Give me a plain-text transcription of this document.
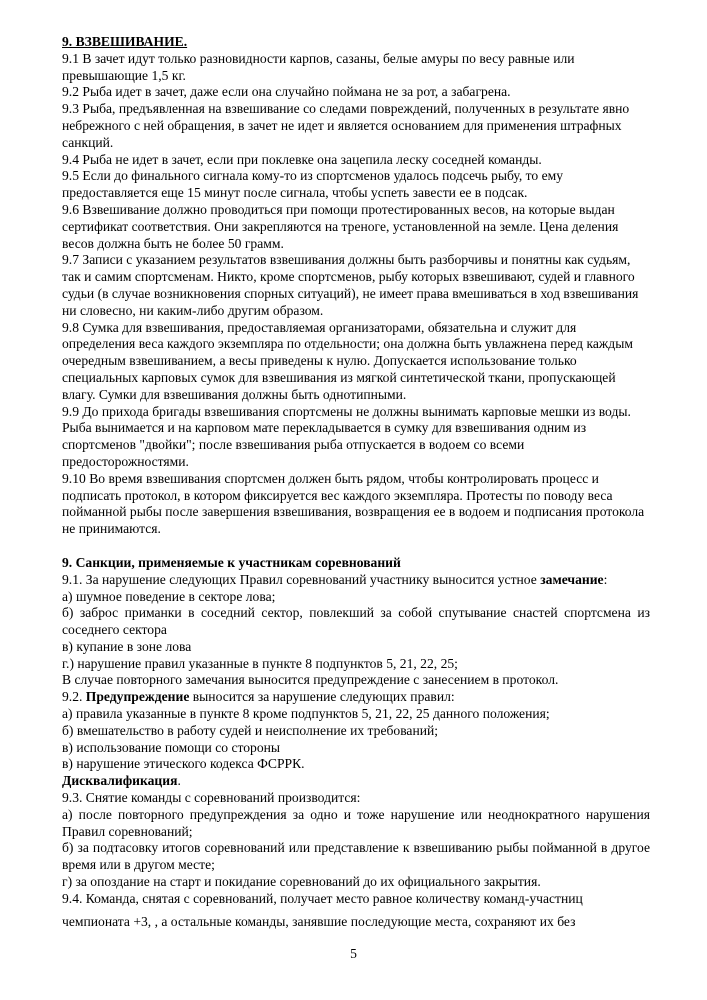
9. ВЗВЕШИВАНИЕ.

9.1 В зачет идут только разновидности карпов, сазаны, белые амуры по весу равные или превышающие 1,5 кг.

9.2 Рыба идет в зачет, даже если она случайно поймана не за рот, а забагрена.

9.3 Рыба, предъявленная на взвешивание со следами повреждений, полученных в результате явно небрежного с ней обращения, в зачет не идет и является основанием для применения штрафных санкций.

9.4 Рыба не идет в зачет, если при поклевке она зацепила леску соседней команды.

9.5 Если до финального сигнала кому-то из спортсменов удалось подсечь рыбу, то ему предоставляется еще 15 минут после сигнала, чтобы успеть завести ее в подсак.

9.6 Взвешивание должно проводиться при помощи протестированных весов, на которые выдан сертификат соответствия. Они закрепляются на треноге, установленной на земле. Цена деления весов должна быть не более 50 грамм.

9.7 Записи с указанием результатов взвешивания должны быть разборчивы и понятны как судьям, так и самим спортсменам. Никто, кроме спортсменов, рыбу которых взвешивают, судей и главного судьи (в случае возникновения спорных ситуаций), не имеет права вмешиваться в ход взвешивания ни словесно, ни каким-либо другим образом.

9.8 Сумка для взвешивания, предоставляемая организаторами, обязательна и служит для определения веса каждого экземпляра по отдельности; она должна быть увлажнена перед каждым очередным взвешиванием, а весы приведены к нулю. Допускается использование только специальных карповых сумок для взвешивания из мягкой синтетической ткани, пропускающей влагу. Сумки для взвешивания должны быть однотипными.

9.9 До прихода бригады взвешивания спортсмены не должны вынимать карповые мешки из воды. Рыба вынимается и на карповом мате перекладывается в сумку для взвешивания одним из спортсменов "двойки"; после взвешивания рыба отпускается в водоем со всеми предосторожностями.

9.10 Во время взвешивания спортсмен должен быть рядом, чтобы контролировать процесс и подписать протокол, в котором фиксируется вес каждого экземпляра. Протесты по поводу веса пойманной рыбы после завершения взвешивания, возвращения ее в водоем и подписания протокола не принимаются.

9. Санкции, применяемые к участникам соревнований

9.1. За нарушение следующих Правил соревнований участнику выносится устное замечание:

а) шумное поведение в секторе лова;

б) заброс приманки в соседний сектор, повлекший за собой спутывание снастей спортсмена из соседнего сектора

в) купание в зоне лова

г.) нарушение правил указанные в пункте 8 подпунктов 5, 21, 22, 25;

В случае повторного замечания выносится предупреждение с занесением в протокол.

9.2. Предупреждение выносится за нарушение следующих правил:

а) правила указанные в пункте 8 кроме подпунктов 5, 21, 22, 25 данного положения;

б) вмешательство в работу судей и неисполнение их требований;

в) использование помощи со стороны

в) нарушение этического кодекса ФСРРК.

Дисквалификация.

9.3. Снятие команды с соревнований производится:

а) после повторного предупреждения за одно и тоже нарушение или неоднократного нарушения Правил соревнований;

б) за подтасовку итогов соревнований или представление к взвешиванию рыбы пойманной в другое время или в другом месте;

г) за опоздание на старт и покидание соревнований до их официального закрытия.

9.4. Команда, снятая с соревнований, получает место равное количеству команд-участниц

чемпионата +3, , а остальные команды, занявшие последующие места, сохраняют их без

5
